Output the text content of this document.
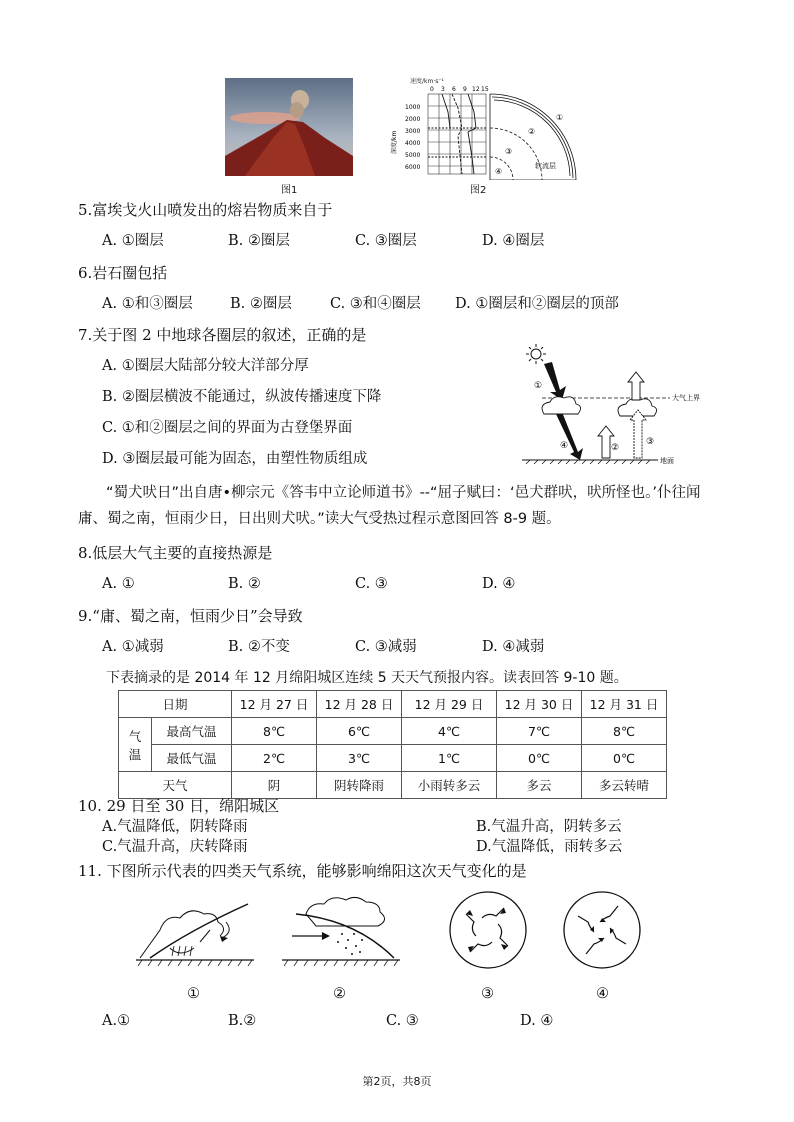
图1
速度/km·s⁻¹
0 3 6 9 12 15
深度/km
1000
2000
3000
4000
5000
6000
①
②
③
④
软流层
图2
5.富埃戈火山喷发出的熔岩物质来自于
A. ①圈层	B. ②圈层	C. ③圈层	D. ④圈层
6.岩石圈包括
A. ①和③圈层	B. ②圈层	C. ③和④圈层 D. ①圈层和②圈层的顶部
7.关于图 2 中地球各圈层的叙述，正确的是
A. ①圈层大陆部分较大洋部分厚
B. ②圈层横波不能通过，纵波传播速度下降
C. ①和②圈层之间的界面为古登堡界面
D. ③圈层最可能为固态，由塑性物质组成
大气上界
地面
①
②
③
④
“蜀犬吠日”出自唐•柳宗元《答韦中立论师道书》--“屈子赋曰：‘邑犬群吠，吠所怪也。’仆往闻庸、蜀之南，恒雨少日，日出则犬吠。”读大气受热过程示意图回答 8-9 题。
8.低层大气主要的直接热源是
A. ①	B. ②	C. ③	D. ④
9.“庸、蜀之南，恒雨少日”会导致
A. ①减弱	B. ②不变	C. ③减弱	D. ④减弱
下表摘录的是 2014 年 12 月绵阳城区连续 5 天天气预报内容。读表回答 9-10 题。
日期		12 月 27 日	12 月 28 日	12 月 29 日	12 月 30 日	12 月 31 日
气温	最高气温	8℃	6℃	4℃	7℃	8℃
	最低气温	2℃	3℃	1℃	0℃	0℃
天气		阴	阴转降雨	小雨转多云	多云	多云转晴
10. 29 日至 30 日，绵阳城区
A.气温降低，阴转降雨	B.气温升高，阴转多云
C.气温升高，庆转降雨	D.气温降低，雨转多云
11. 下图所示代表的四类天气系统，能够影响绵阳这次天气变化的是
①	②	③	④
A.①	B.②	C. ③	D. ④
第2页，共8页
